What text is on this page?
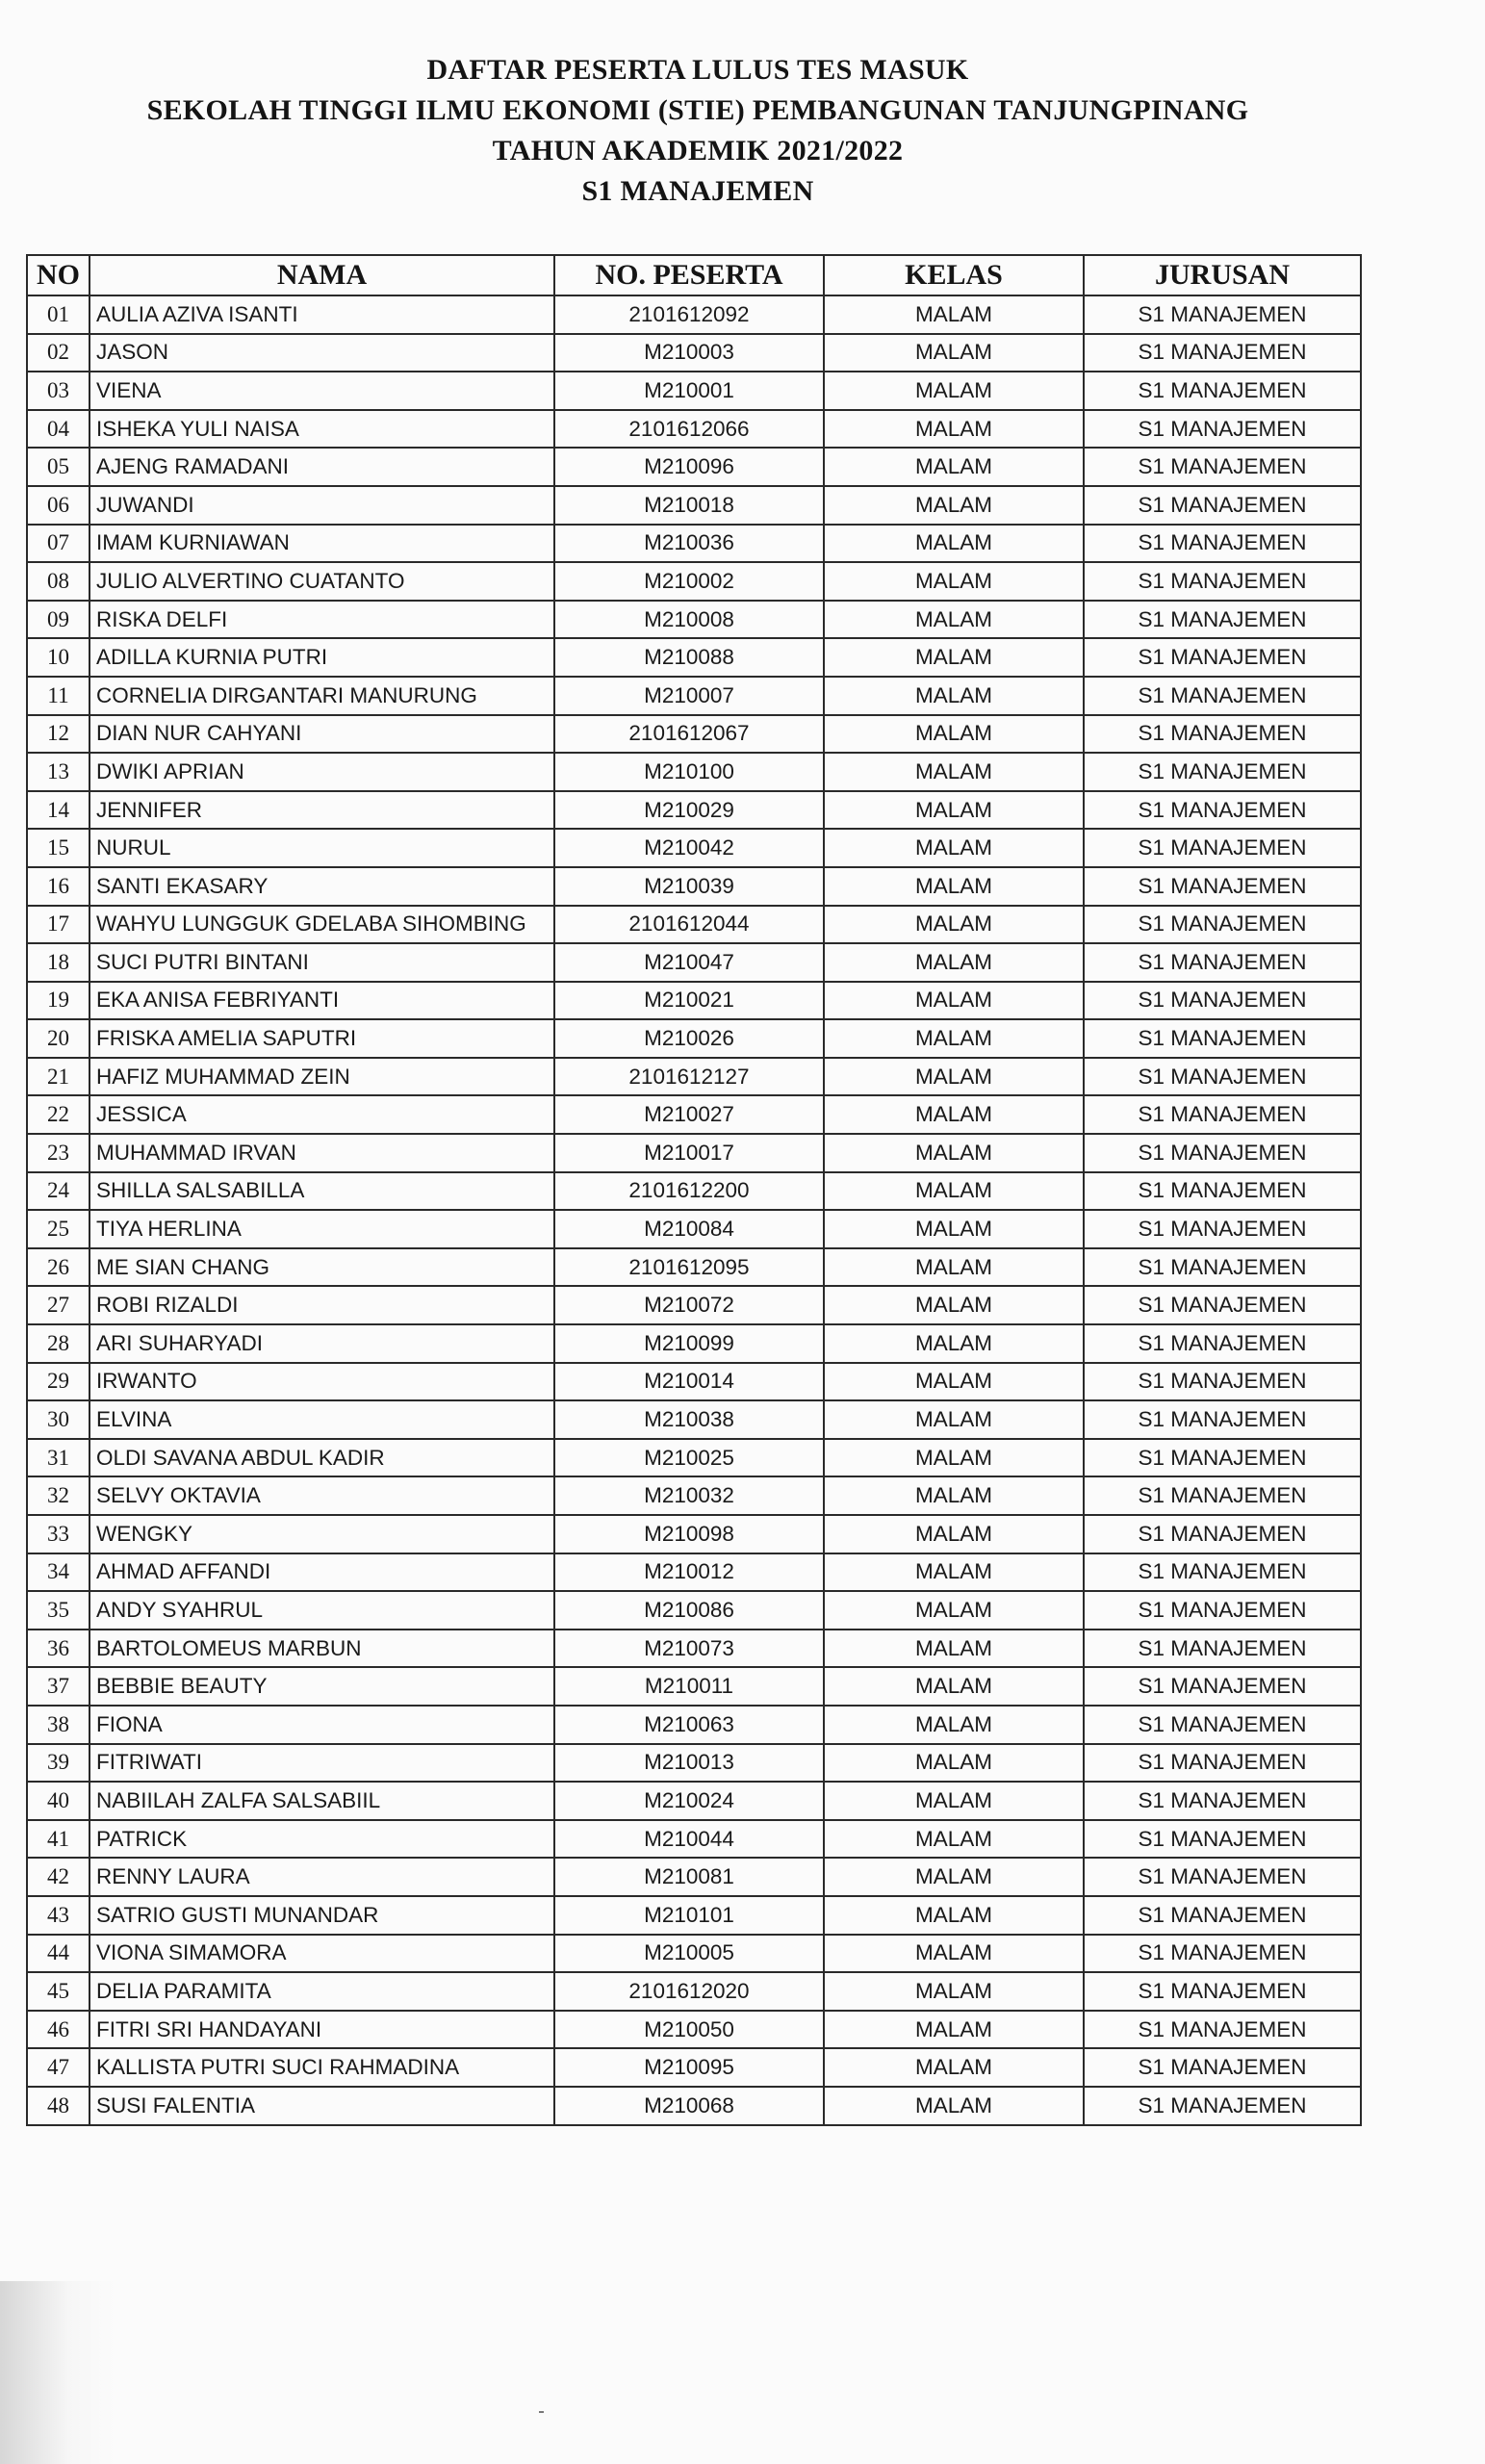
DAFTAR PESERTA LULUS TES MASUK
SEKOLAH TINGGI ILMU EKONOMI (STIE) PEMBANGUNAN TANJUNGPINANG
TAHUN AKADEMIK 2021/2022
S1 MANAJEMEN
NO	NAMA	NO. PESERTA	KELAS	JURUSAN
01	AULIA AZIVA ISANTI	2101612092	MALAM	S1 MANAJEMEN
02	JASON	M210003	MALAM	S1 MANAJEMEN
03	VIENA	M210001	MALAM	S1 MANAJEMEN
04	ISHEKA YULI NAISA	2101612066	MALAM	S1 MANAJEMEN
05	AJENG RAMADANI	M210096	MALAM	S1 MANAJEMEN
06	JUWANDI	M210018	MALAM	S1 MANAJEMEN
07	IMAM KURNIAWAN	M210036	MALAM	S1 MANAJEMEN
08	JULIO ALVERTINO CUATANTO	M210002	MALAM	S1 MANAJEMEN
09	RISKA DELFI	M210008	MALAM	S1 MANAJEMEN
10	ADILLA KURNIA PUTRI	M210088	MALAM	S1 MANAJEMEN
11	CORNELIA DIRGANTARI MANURUNG	M210007	MALAM	S1 MANAJEMEN
12	DIAN NUR CAHYANI	2101612067	MALAM	S1 MANAJEMEN
13	DWIKI APRIAN	M210100	MALAM	S1 MANAJEMEN
14	JENNIFER	M210029	MALAM	S1 MANAJEMEN
15	NURUL	M210042	MALAM	S1 MANAJEMEN
16	SANTI EKASARY	M210039	MALAM	S1 MANAJEMEN
17	WAHYU LUNGGUK GDELABA SIHOMBING	2101612044	MALAM	S1 MANAJEMEN
18	SUCI PUTRI BINTANI	M210047	MALAM	S1 MANAJEMEN
19	EKA ANISA FEBRIYANTI	M210021	MALAM	S1 MANAJEMEN
20	FRISKA AMELIA SAPUTRI	M210026	MALAM	S1 MANAJEMEN
21	HAFIZ MUHAMMAD ZEIN	2101612127	MALAM	S1 MANAJEMEN
22	JESSICA	M210027	MALAM	S1 MANAJEMEN
23	MUHAMMAD IRVAN	M210017	MALAM	S1 MANAJEMEN
24	SHILLA SALSABILLA	2101612200	MALAM	S1 MANAJEMEN
25	TIYA HERLINA	M210084	MALAM	S1 MANAJEMEN
26	ME SIAN CHANG	2101612095	MALAM	S1 MANAJEMEN
27	ROBI RIZALDI	M210072	MALAM	S1 MANAJEMEN
28	ARI SUHARYADI	M210099	MALAM	S1 MANAJEMEN
29	IRWANTO	M210014	MALAM	S1 MANAJEMEN
30	ELVINA	M210038	MALAM	S1 MANAJEMEN
31	OLDI SAVANA ABDUL KADIR	M210025	MALAM	S1 MANAJEMEN
32	SELVY OKTAVIA	M210032	MALAM	S1 MANAJEMEN
33	WENGKY	M210098	MALAM	S1 MANAJEMEN
34	AHMAD AFFANDI	M210012	MALAM	S1 MANAJEMEN
35	ANDY SYAHRUL	M210086	MALAM	S1 MANAJEMEN
36	BARTOLOMEUS MARBUN	M210073	MALAM	S1 MANAJEMEN
37	BEBBIE BEAUTY	M210011	MALAM	S1 MANAJEMEN
38	FIONA	M210063	MALAM	S1 MANAJEMEN
39	FITRIWATI	M210013	MALAM	S1 MANAJEMEN
40	NABIILAH ZALFA SALSABIIL	M210024	MALAM	S1 MANAJEMEN
41	PATRICK	M210044	MALAM	S1 MANAJEMEN
42	RENNY LAURA	M210081	MALAM	S1 MANAJEMEN
43	SATRIO GUSTI MUNANDAR	M210101	MALAM	S1 MANAJEMEN
44	VIONA SIMAMORA	M210005	MALAM	S1 MANAJEMEN
45	DELIA PARAMITA	2101612020	MALAM	S1 MANAJEMEN
46	FITRI SRI HANDAYANI	M210050	MALAM	S1 MANAJEMEN
47	KALLISTA PUTRI SUCI RAHMADINA	M210095	MALAM	S1 MANAJEMEN
48	SUSI FALENTIA	M210068	MALAM	S1 MANAJEMEN
